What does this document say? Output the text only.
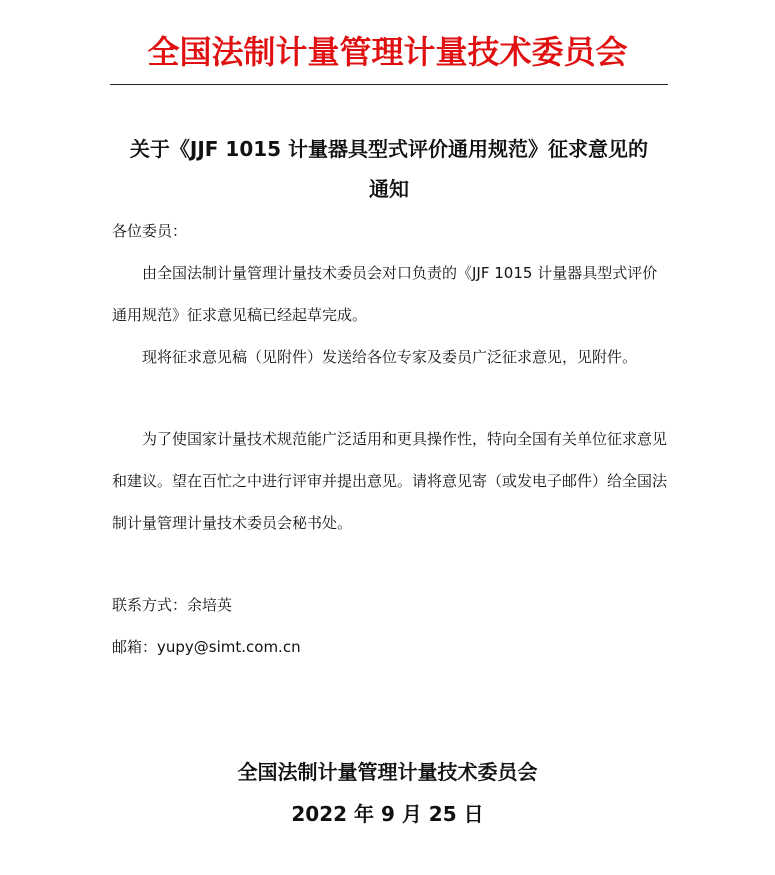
全国法制计量管理计量技术委员会
关于《JJF 1015 计量器具型式评价通用规范》征求意见的
通知
各位委员：
由全国法制计量管理计量技术委员会对口负责的《JJF 1015 计量器具型式评价通用规范》征求意见稿已经起草完成。
现将征求意见稿（见附件）发送给各位专家及委员广泛征求意见，见附件。
为了使国家计量技术规范能广泛适用和更具操作性，特向全国有关单位征求意见和建议。望在百忙之中进行评审并提出意见。请将意见寄（或发电子邮件）给全国法制计量管理计量技术委员会秘书处。
联系方式：余培英
邮箱：yupy@simt.com.cn
全国法制计量管理计量技术委员会
2022 年 9 月 25 日
